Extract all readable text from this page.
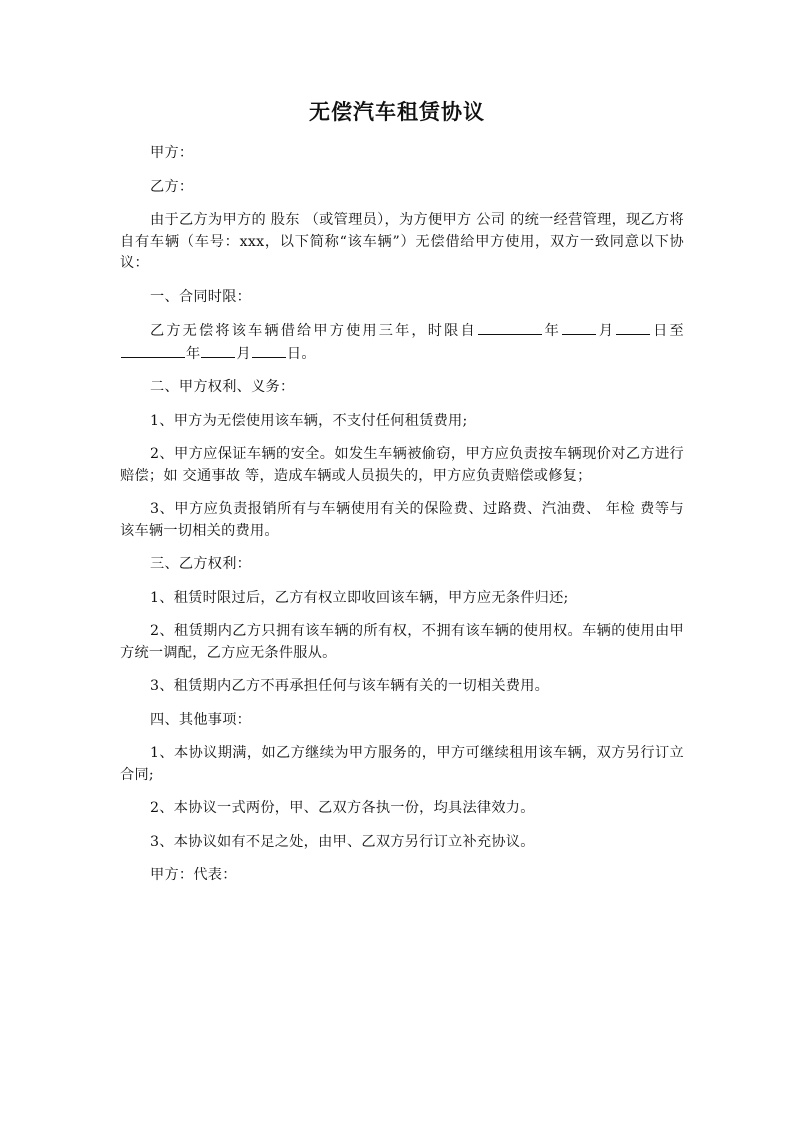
无偿汽车租赁协议

甲方：

乙方：

由于乙方为甲方的 股东 （或管理员），为方便甲方 公司 的统一经营管理，现乙方将自有车辆（车号：xxx，以下简称“该车辆”）无偿借给甲方使用，双方一致同意以下协议：

一、合同时限：

乙方无偿将该车辆借给甲方使用三年，时限自	年	月	日至年	月	日。

二、甲方权利、义务：

1、甲方为无偿使用该车辆，不支付任何租赁费用;

2、甲方应保证车辆的安全。如发生车辆被偷窃，甲方应负责按车辆现价对乙方进行赔偿；如 交通事故 等，造成车辆或人员损失的，甲方应负责赔偿或修复；

3、甲方应负责报销所有与车辆使用有关的保险费、过路费、汽油费、 年检 费等与该车辆一切相关的费用。

三、乙方权利：

1、租赁时限过后，乙方有权立即收回该车辆，甲方应无条件归还;

2、租赁期内乙方只拥有该车辆的所有权，不拥有该车辆的使用权。车辆的使用由甲方统一调配，乙方应无条件服从。

3、租赁期内乙方不再承担任何与该车辆有关的一切相关费用。

四、其他事项：

1、本协议期满，如乙方继续为甲方服务的，甲方可继续租用该车辆，双方另行订立合同;

2、本协议一式两份，甲、乙双方各执一份，均具法律效力。

3、本协议如有不足之处，由甲、乙双方另行订立补充协议。

甲方：代表：
